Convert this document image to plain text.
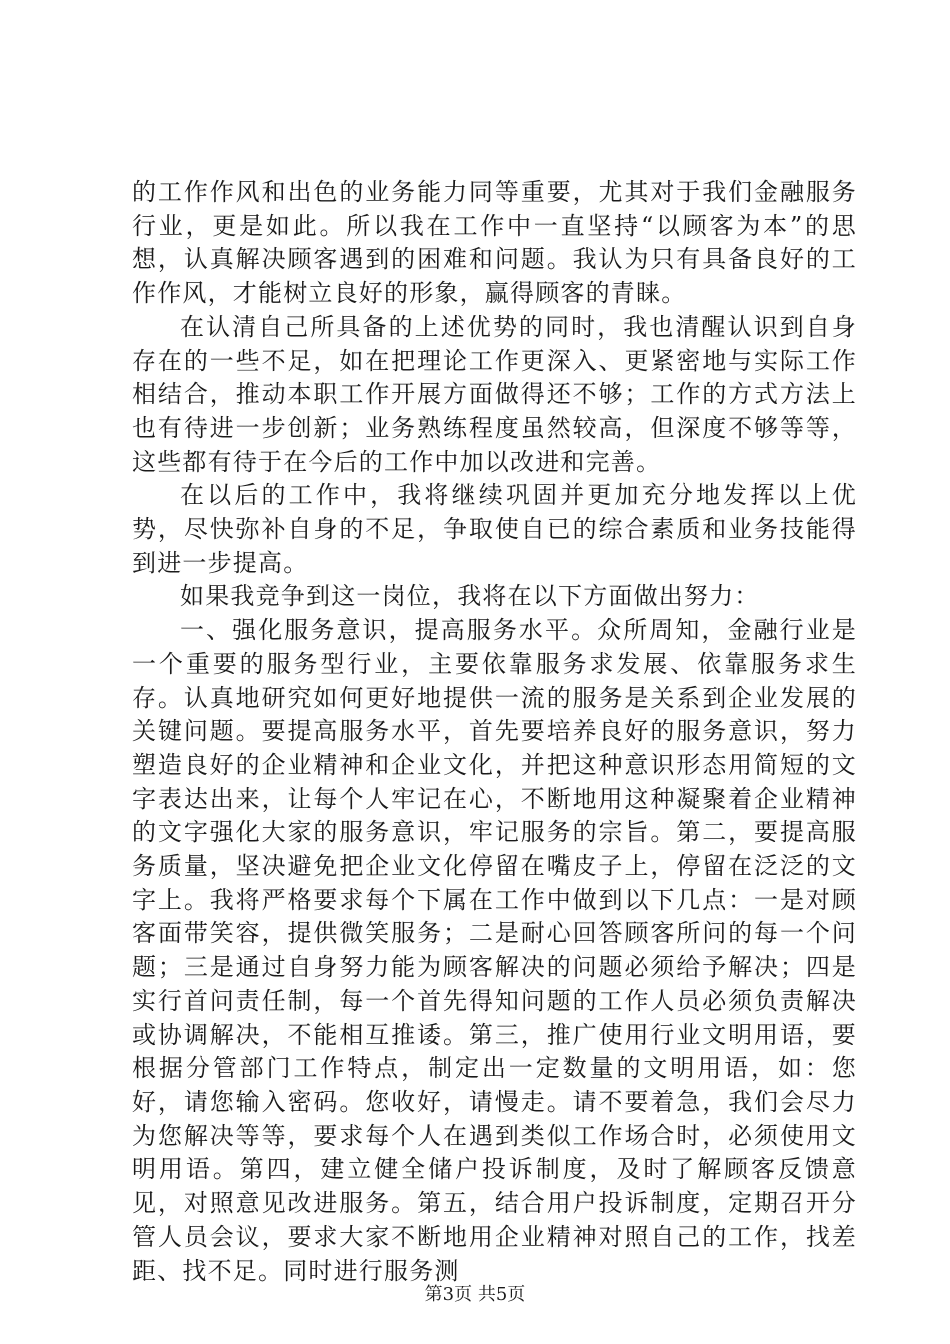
的工作作风和出色的业务能力同等重要，尤其对于我们金融服务行业，更是如此。所以我在工作中一直坚持“以顾客为本”的思想，认真解决顾客遇到的困难和问题。我认为只有具备良好的工作作风，才能树立良好的形象，赢得顾客的青睐。

在认清自己所具备的上述优势的同时，我也清醒认识到自身存在的一些不足，如在把理论工作更深入、更紧密地与实际工作相结合，推动本职工作开展方面做得还不够；工作的方式方法上也有待进一步创新；业务熟练程度虽然较高，但深度不够等等，这些都有待于在今后的工作中加以改进和完善。

在以后的工作中，我将继续巩固并更加充分地发挥以上优势，尽快弥补自身的不足，争取使自已的综合素质和业务技能得到进一步提高。

如果我竞争到这一岗位，我将在以下方面做出努力：

一、强化服务意识，提高服务水平。众所周知，金融行业是一个重要的服务型行业，主要依靠服务求发展、依靠服务求生存。认真地研究如何更好地提供一流的服务是关系到企业发展的关键问题。要提高服务水平，首先要培养良好的服务意识，努力塑造良好的企业精神和企业文化，并把这种意识形态用简短的文字表达出来，让每个人牢记在心，不断地用这种凝聚着企业精神的文字强化大家的服务意识，牢记服务的宗旨。第二，要提高服务质量，坚决避免把企业文化停留在嘴皮子上，停留在泛泛的文字上。我将严格要求每个下属在工作中做到以下几点：一是对顾客面带笑容，提供微笑服务；二是耐心回答顾客所问的每一个问题；三是通过自身努力能为顾客解决的问题必须给予解决；四是实行首问责任制，每一个首先得知问题的工作人员必须负责解决或协调解决，不能相互推诿。第三，推广使用行业文明用语，要根据分管部门工作特点，制定出一定数量的文明用语，如：您好，请您输入密码。您收好，请慢走。请不要着急，我们会尽力为您解决等等，要求每个人在遇到类似工作场合时，必须使用文明用语。第四，建立健全储户投诉制度，及时了解顾客反馈意见，对照意见改进服务。第五，结合用户投诉制度，定期召开分管人员会议，要求大家不断地用企业精神对照自己的工作，找差距、找不足。同时进行服务测

第3页 共5页
